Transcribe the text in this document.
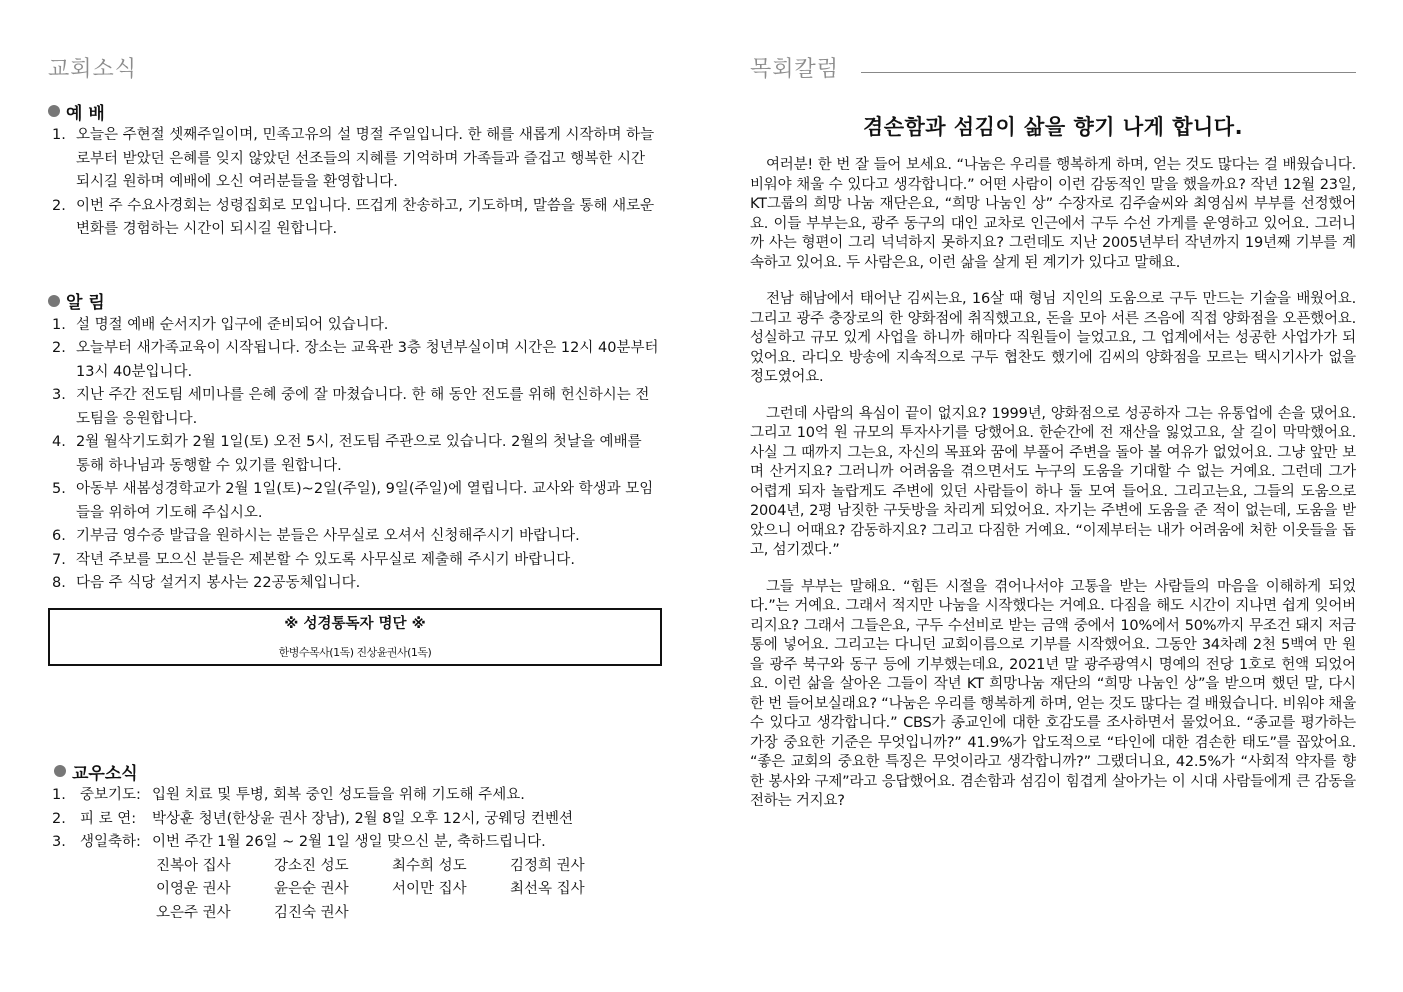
교회소식
예 배
1. 오늘은 주현절 셋째주일이며, 민족고유의 설 명절 주일입니다. 한 해를 새롭게 시작하며 하늘로부터 받았던 은혜를 잊지 않았던 선조들의 지혜를 기억하며 가족들과 즐겁고 행복한 시간 되시길 원하며 예배에 오신 여러분들을 환영합니다.
2. 이번 주 수요사경회는 성령집회로 모입니다. 뜨겁게 찬송하고, 기도하며, 말씀을 통해 새로운 변화를 경험하는 시간이 되시길 원합니다.
알 림
1. 설 명절 예배 순서지가 입구에 준비되어 있습니다.
2. 오늘부터 새가족교육이 시작됩니다. 장소는 교육관 3층 청년부실이며 시간은 12시 40분부터 13시 40분입니다.
3. 지난 주간 전도팀 세미나를 은혜 중에 잘 마쳤습니다. 한 해 동안 전도를 위해 헌신하시는 전도팀을 응원합니다.
4. 2월 월삭기도회가 2월 1일(토) 오전 5시, 전도팀 주관으로 있습니다. 2월의 첫날을 예배를 통해 하나님과 동행할 수 있기를 원합니다.
5. 아동부 새봄성경학교가 2월 1일(토)~2일(주일), 9일(주일)에 열립니다. 교사와 학생과 모임들을 위하여 기도해 주십시오.
6. 기부금 영수증 발급을 원하시는 분들은 사무실로 오셔서 신청해주시기 바랍니다.
7. 작년 주보를 모으신 분들은 제본할 수 있도록 사무실로 제출해 주시기 바랍니다.
8. 다음 주 식당 설거지 봉사는 22공동체입니다.
※ 성경통독자 명단 ※
한병수목사(1독) 진상윤권사(1독)
교우소식
1. 중보기도: 입원 치료 및 투병, 회복 중인 성도들을 위해 기도해 주세요.
2. 피 로 연:	박상훈 청년(한상윤 권사 장남), 2월 8일 오후 12시, 궁웨딩 컨벤션
3. 생일축하: 이번 주간 1월 26일 ~ 2월 1일 생일 맞으신 분, 축하드립니다.
진복아 집사	강소진 성도	최수희 성도	김정희 권사
이영운 권사	윤은순 권사	서이만 집사	최선옥 집사
오은주 권사	김진숙 권사
목회칼럼
겸손함과 섬김이 삶을 향기 나게 합니다.

여러분! 한 번 잘 들어 보세요. “나눔은 우리를 행복하게 하며, 얻는 것도 많다는 걸 배웠습니다. 비워야 채울 수 있다고 생각합니다.” 어떤 사람이 이런 감동적인 말을 했을까요? 작년 12월 23일, KT그룹의 희망 나눔 재단은요, “희망 나눔인 상” 수장자로 김주술씨와 최영심씨 부부를 선정했어요. 이들 부부는요, 광주 동구의 대인 교차로 인근에서 구두 수선 가게를 운영하고 있어요. 그러니까 사는 형편이 그리 넉넉하지 못하지요? 그런데도 지난 2005년부터 작년까지 19년째 기부를 계속하고 있어요. 두 사람은요, 이런 삶을 살게 된 계기가 있다고 말해요.

전남 해남에서 태어난 김씨는요, 16살 때 형님 지인의 도움으로 구두 만드는 기술을 배웠어요. 그리고 광주 충장로의 한 양화점에 취직했고요, 돈을 모아 서른 즈음에 직접 양화점을 오픈했어요. 성실하고 규모 있게 사업을 하니까 해마다 직원들이 늘었고요, 그 업계에서는 성공한 사업가가 되었어요. 라디오 방송에 지속적으로 구두 협찬도 했기에 김씨의 양화점을 모르는 택시기사가 없을 정도였어요.

그런데 사람의 욕심이 끝이 없지요? 1999년, 양화점으로 성공하자 그는 유통업에 손을 댔어요. 그리고 10억 원 규모의 투자사기를 당했어요. 한순간에 전 재산을 잃었고요, 살 길이 막막했어요. 사실 그 때까지 그는요, 자신의 목표와 꿈에 부풀어 주변을 돌아 볼 여유가 없었어요. 그냥 앞만 보며 산거지요? 그러니까 어려움을 겪으면서도 누구의 도움을 기대할 수 없는 거예요. 그런데 그가 어렵게 되자 놀랍게도 주변에 있던 사람들이 하나 둘 모여 들어요. 그리고는요, 그들의 도움으로 2004년, 2평 남짓한 구둣방을 차리게 되었어요. 자기는 주변에 도움을 준 적이 없는데, 도움을 받았으니 어때요? 감동하지요? 그리고 다짐한 거예요. “이제부터는 내가 어려움에 처한 이웃들을 돕고, 섬기겠다.”

그들 부부는 말해요. “힘든 시절을 겪어나서야 고통을 받는 사람들의 마음을 이해하게 되었다.”는 거예요. 그래서 적지만 나눔을 시작했다는 거예요. 다짐을 해도 시간이 지나면 쉽게 잊어버리지요? 그래서 그들은요, 구두 수선비로 받는 금액 중에서 10%에서 50%까지 무조건 돼지 저금통에 넣어요. 그리고는 다니던 교회이름으로 기부를 시작했어요. 그동안 34차례 2천 5백여 만 원을 광주 북구와 동구 등에 기부했는데요, 2021년 말 광주광역시 명예의 전당 1호로 헌액 되었어요. 이런 삶을 살아온 그들이 작년 KT 희망나눔 재단의 “희망 나눔인 상”을 받으며 했던 말, 다시 한 번 들어보실래요? “나눔은 우리를 행복하게 하며, 얻는 것도 많다는 걸 배웠습니다. 비워야 채울 수 있다고 생각합니다.” CBS가 종교인에 대한 호감도를 조사하면서 물었어요. “종교를 평가하는 가장 중요한 기준은 무엇입니까?” 41.9%가 압도적으로 “타인에 대한 겸손한 태도”를 꼽았어요. “좋은 교회의 중요한 특징은 무엇이라고 생각합니까?” 그랬더니요, 42.5%가 “사회적 약자를 향한 봉사와 구제”라고 응답했어요. 겸손함과 섬김이 힘겹게 살아가는 이 시대 사람들에게 큰 감동을 전하는 거지요?
